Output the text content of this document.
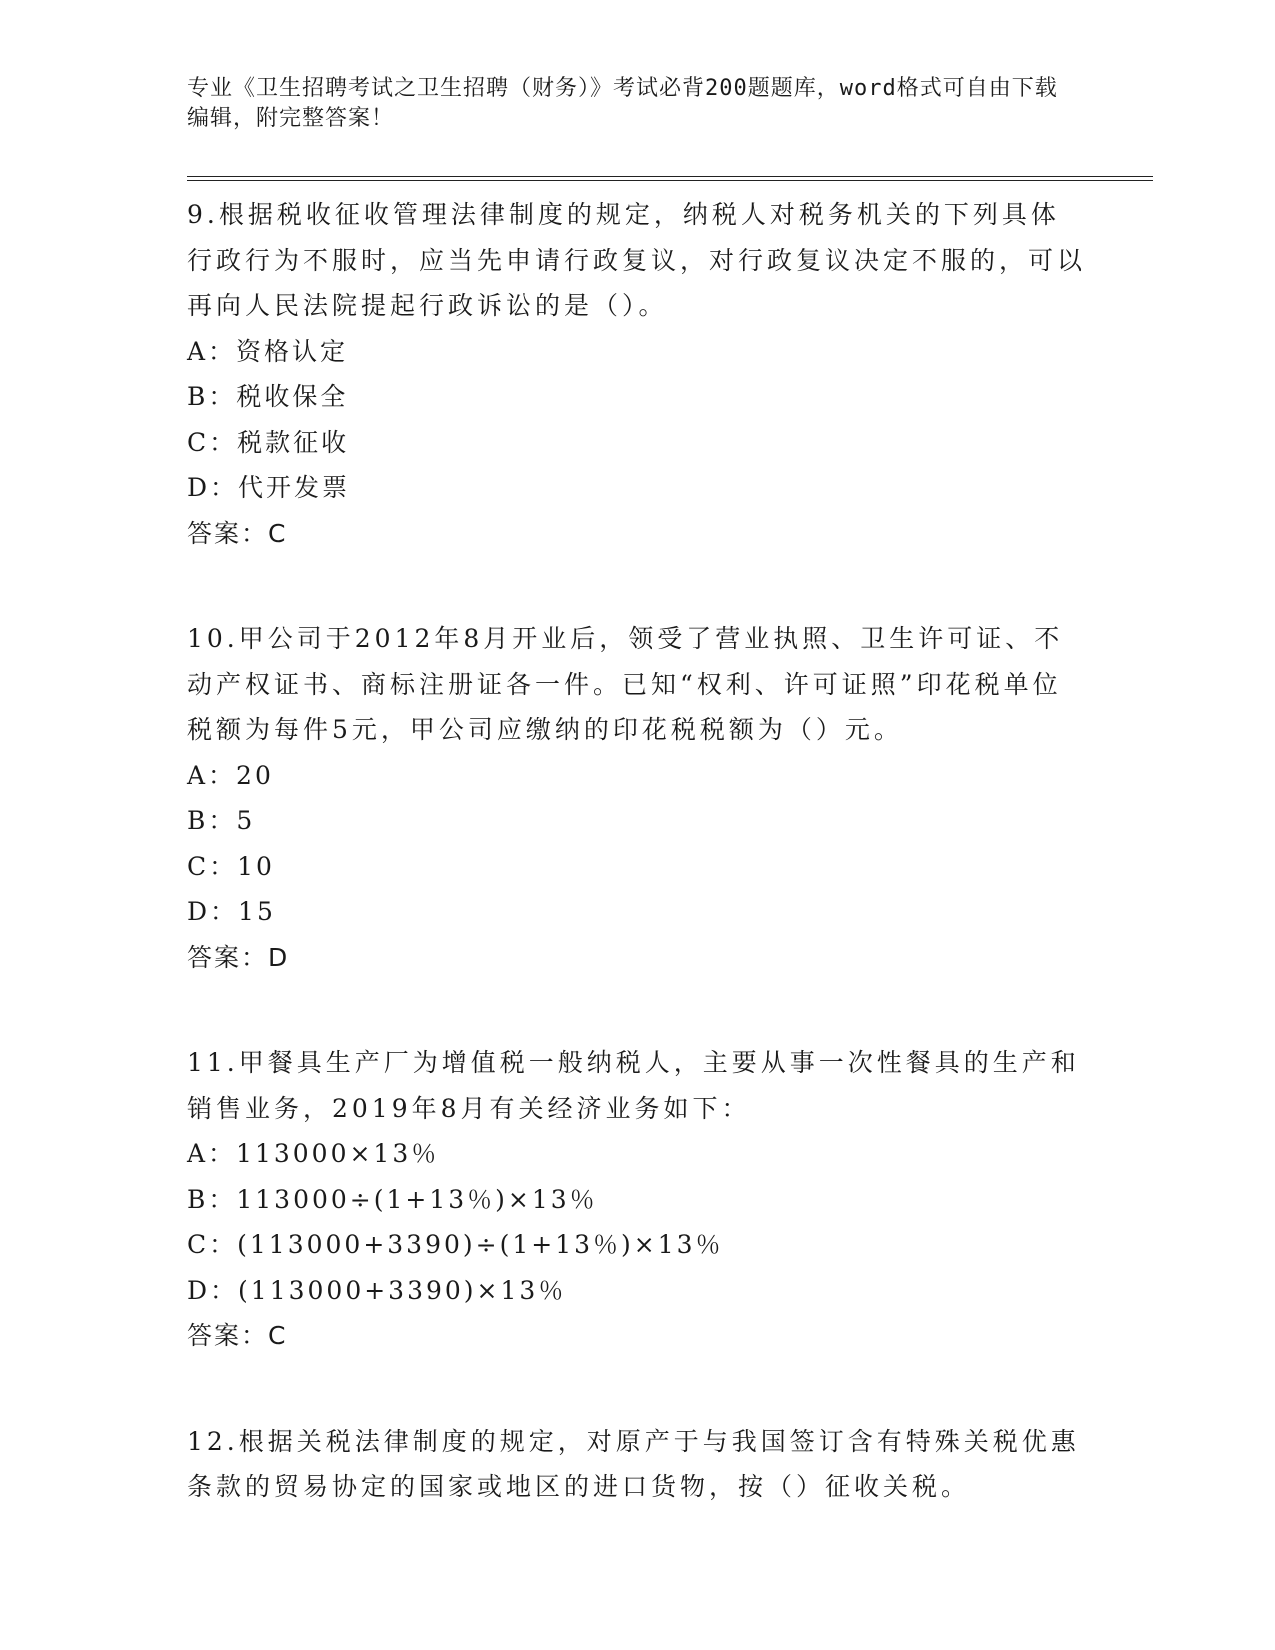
专业《卫生招聘考试之卫生招聘（财务）》考试必背200题题库，word格式可自由下载编辑，附完整答案！
9.根据税收征收管理法律制度的规定，纳税人对税务机关的下列具体行政行为不服时，应当先申请行政复议，对行政复议决定不服的，可以再向人民法院提起行政诉讼的是（）。
A：资格认定
B：税收保全
C：税款征收
D：代开发票
答案：C
10.甲公司于2012年8月开业后，领受了营业执照、卫生许可证、不动产权证书、商标注册证各一件。已知“权利、许可证照”印花税单位税额为每件5元，甲公司应缴纳的印花税税额为（）元。
A：20
B：5
C：10
D：15
答案：D
11.甲餐具生产厂为增值税一般纳税人，主要从事一次性餐具的生产和销售业务，2019年8月有关经济业务如下：
A：113000×13％
B：113000÷(1+13％)×13％
C：(113000+3390)÷(1+13％)×13％
D：(113000+3390)×13％
答案：C
12.根据关税法律制度的规定，对原产于与我国签订含有特殊关税优惠条款的贸易协定的国家或地区的进口货物，按（）征收关税。
